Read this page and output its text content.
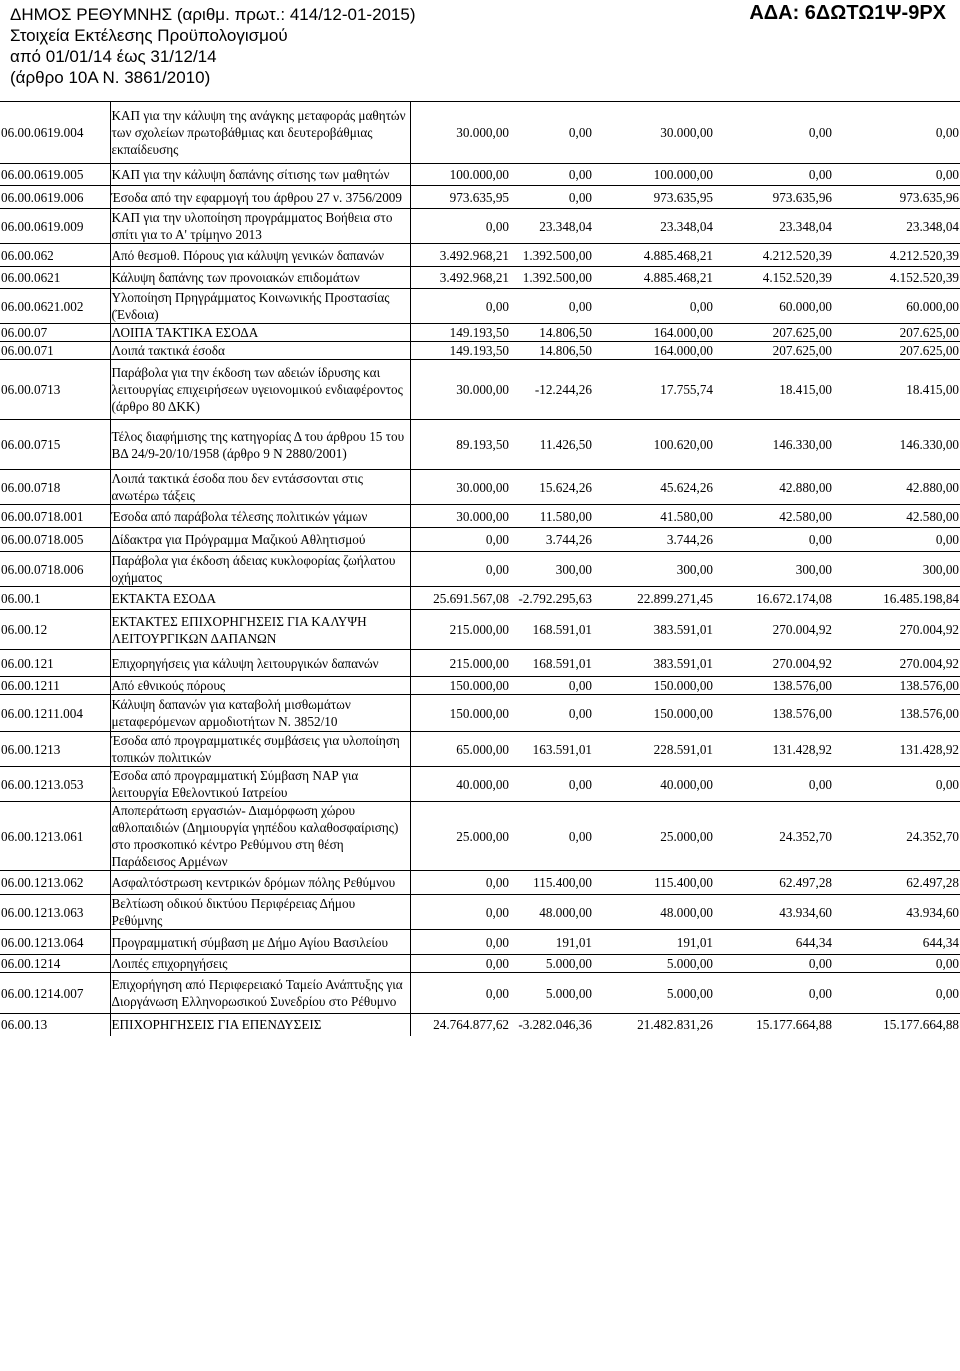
ΔΗΜΟΣ ΡΕΘΥΜΝΗΣ (αριθμ. πρωτ.: 414/12-01-2015)
Στοιχεία Εκτέλεσης Προϋπολογισμού
από 01/01/14 έως 31/12/14
(άρθρο 10Α Ν. 3861/2010)
ΑΔΑ: 6ΔΩΤΩ1Ψ-9ΡΧ
06.00.0619.004	ΚΑΠ για την κάλυψη της ανάγκης μεταφοράς μαθητών των σχολείων πρωτοβάθμιας και δευτεροβάθμιας εκπαίδευσης	30.000,00	0,00	30.000,00	0,00	0,00
06.00.0619.005	ΚΑΠ για την κάλυψη δαπάνης σίτισης των μαθητών	100.000,00	0,00	100.000,00	0,00	0,00
06.00.0619.006	Έσοδα από την εφαρμογή του άρθρου 27 ν. 3756/2009	973.635,95	0,00	973.635,95	973.635,96	973.635,96
06.00.0619.009	ΚΑΠ για την υλοποίηση προγράμματος Βοήθεια στο σπίτι για το Α' τρίμηνο 2013	0,00	23.348,04	23.348,04	23.348,04	23.348,04
06.00.062	Από θεσμοθ. Πόρους για κάλυψη γενικών δαπανών	3.492.968,21	1.392.500,00	4.885.468,21	4.212.520,39	4.212.520,39
06.00.0621	Κάλυψη δαπάνης των προνοιακών επιδομάτων	3.492.968,21	1.392.500,00	4.885.468,21	4.152.520,39	4.152.520,39
06.00.0621.002	Υλοποίηση Πρηγράμματος Κοινωνικής Προστασίας (Ένδοια)	0,00	0,00	0,00	60.000,00	60.000,00
06.00.07	ΛΟΙΠΑ ΤΑΚΤΙΚΑ ΕΣΟΔΑ	149.193,50	14.806,50	164.000,00	207.625,00	207.625,00
06.00.071	Λοιπά τακτικά έσοδα	149.193,50	14.806,50	164.000,00	207.625,00	207.625,00
06.00.0713	Παράβολα για την έκδοση των αδειών ίδρυσης και λειτουργίας επιχειρήσεων υγειονομικού ενδιαφέροντος (άρθρο 80 ΔΚΚ)	30.000,00	-12.244,26	17.755,74	18.415,00	18.415,00
06.00.0715	Τέλος διαφήμισης της κατηγορίας Δ του άρθρου 15 του ΒΔ 24/9-20/10/1958 (άρθρο 9 Ν 2880/2001)	89.193,50	11.426,50	100.620,00	146.330,00	146.330,00
06.00.0718	Λοιπά τακτικά έσοδα που δεν εντάσσονται στις ανωτέρω τάξεις	30.000,00	15.624,26	45.624,26	42.880,00	42.880,00
06.00.0718.001	Έσοδα από παράβολα τέλεσης πολιτικών γάμων	30.000,00	11.580,00	41.580,00	42.580,00	42.580,00
06.00.0718.005	Δίδακτρα για Πρόγραμμα Μαζικού Αθλητισμού	0,00	3.744,26	3.744,26	0,00	0,00
06.00.0718.006	Παράβολα για έκδοση άδειας κυκλοφορίας ζωήλατου οχήματος	0,00	300,00	300,00	300,00	300,00
06.00.1	ΕΚΤΑΚΤΑ ΕΣΟΔΑ	25.691.567,08	-2.792.295,63	22.899.271,45	16.672.174,08	16.485.198,84
06.00.12	ΕΚΤΑΚΤΕΣ ΕΠΙΧΟΡΗΓΗΣΕΙΣ ΓΙΑ ΚΑΛΥΨΗ ΛΕΙΤΟΥΡΓΙΚΩΝ ΔΑΠΑΝΩΝ	215.000,00	168.591,01	383.591,01	270.004,92	270.004,92
06.00.121	Επιχορηγήσεις για κάλυψη λειτουργικών δαπανών	215.000,00	168.591,01	383.591,01	270.004,92	270.004,92
06.00.1211	Από εθνικούς πόρους	150.000,00	0,00	150.000,00	138.576,00	138.576,00
06.00.1211.004	Κάλυψη δαπανών για καταβολή μισθωμάτων μεταφερόμενων αρμοδιοτήτων Ν. 3852/10	150.000,00	0,00	150.000,00	138.576,00	138.576,00
06.00.1213	Έσοδα από προγραμματικές συμβάσεις για υλοποίηση τοπικών πολιτικών	65.000,00	163.591,01	228.591,01	131.428,92	131.428,92
06.00.1213.053	Έσοδα από προγραμματική Σύμβαση ΝΑΡ για λειτουργία Εθελοντικού Ιατρείου	40.000,00	0,00	40.000,00	0,00	0,00
06.00.1213.061	Αποπεράτωση εργασιών- Διαμόρφωση χώρου αθλοπαιδιών (Δημιουργία γηπέδου καλαθοσφαίρισης) στο προσκοπικό κέντρο Ρεθύμνου στη θέση Παράδεισος Αρμένων	25.000,00	0,00	25.000,00	24.352,70	24.352,70
06.00.1213.062	Ασφαλτόστρωση κεντρικών δρόμων πόλης Ρεθύμνου	0,00	115.400,00	115.400,00	62.497,28	62.497,28
06.00.1213.063	Βελτίωση οδικού δικτύου Περιφέρειας Δήμου Ρεθύμνης	0,00	48.000,00	48.000,00	43.934,60	43.934,60
06.00.1213.064	Προγραμματική σύμβαση με Δήμο Αγίου Βασιλείου	0,00	191,01	191,01	644,34	644,34
06.00.1214	Λοιπές επιχορηγήσεις	0,00	5.000,00	5.000,00	0,00	0,00
06.00.1214.007	Επιχορήγηση από Περιφερειακό Ταμείο Ανάπτυξης για Διοργάνωση Ελληνορωσικού Συνεδρίου στο Ρέθυμνο	0,00	5.000,00	5.000,00	0,00	0,00
06.00.13	ΕΠΙΧΟΡΗΓΗΣΕΙΣ ΓΙΑ ΕΠΕΝΔΥΣΕΙΣ	24.764.877,62	-3.282.046,36	21.482.831,26	15.177.664,88	15.177.664,88
